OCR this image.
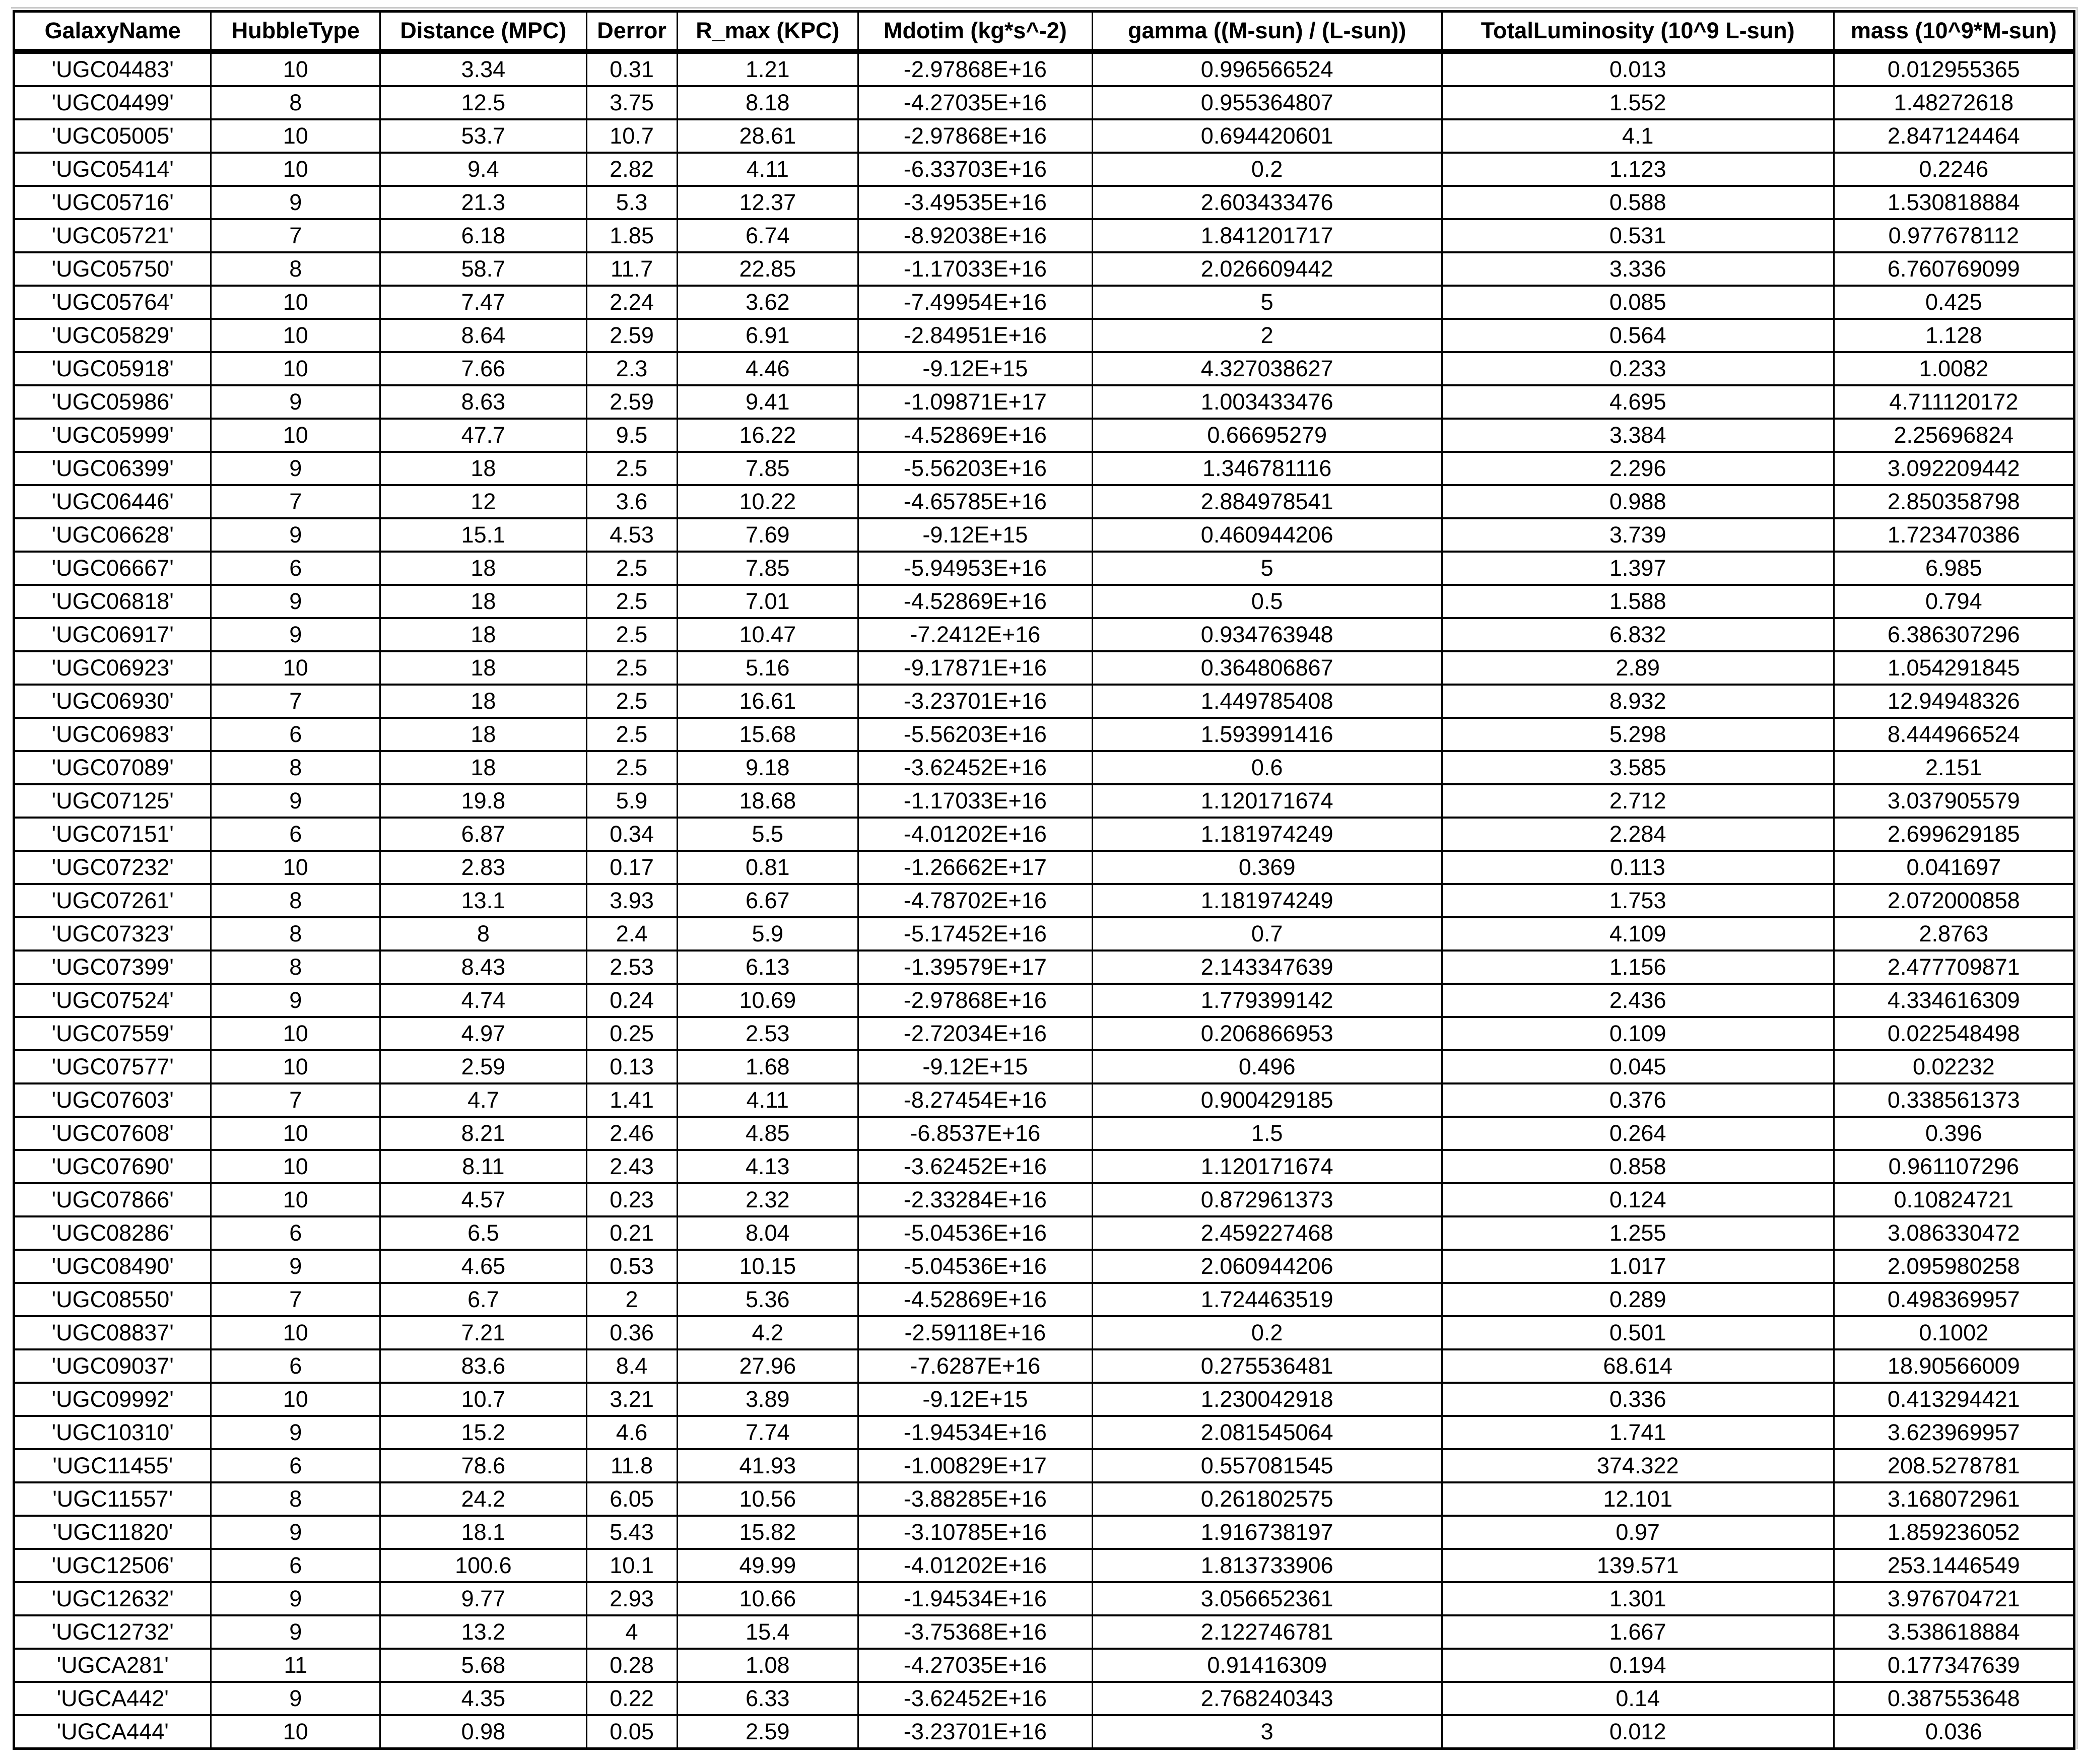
GalaxyName	HubbleType	Distance (MPC)	Derror	R_max (KPC)	Mdotim (kg*s^-2)	gamma ((M-sun) / (L-sun))	TotalLuminosity (10^9 L-sun)	mass (10^9*M-sun)
'UGC04483'	10	3.34	0.31	1.21	-2.97868E+16	0.996566524	0.013	0.012955365
'UGC04499'	8	12.5	3.75	8.18	-4.27035E+16	0.955364807	1.552	1.48272618
'UGC05005'	10	53.7	10.7	28.61	-2.97868E+16	0.694420601	4.1	2.847124464
'UGC05414'	10	9.4	2.82	4.11	-6.33703E+16	0.2	1.123	0.2246
'UGC05716'	9	21.3	5.3	12.37	-3.49535E+16	2.603433476	0.588	1.530818884
'UGC05721'	7	6.18	1.85	6.74	-8.92038E+16	1.841201717	0.531	0.977678112
'UGC05750'	8	58.7	11.7	22.85	-1.17033E+16	2.026609442	3.336	6.760769099
'UGC05764'	10	7.47	2.24	3.62	-7.49954E+16	5	0.085	0.425
'UGC05829'	10	8.64	2.59	6.91	-2.84951E+16	2	0.564	1.128
'UGC05918'	10	7.66	2.3	4.46	-9.12E+15	4.327038627	0.233	1.0082
'UGC05986'	9	8.63	2.59	9.41	-1.09871E+17	1.003433476	4.695	4.711120172
'UGC05999'	10	47.7	9.5	16.22	-4.52869E+16	0.66695279	3.384	2.25696824
'UGC06399'	9	18	2.5	7.85	-5.56203E+16	1.346781116	2.296	3.092209442
'UGC06446'	7	12	3.6	10.22	-4.65785E+16	2.884978541	0.988	2.850358798
'UGC06628'	9	15.1	4.53	7.69	-9.12E+15	0.460944206	3.739	1.723470386
'UGC06667'	6	18	2.5	7.85	-5.94953E+16	5	1.397	6.985
'UGC06818'	9	18	2.5	7.01	-4.52869E+16	0.5	1.588	0.794
'UGC06917'	9	18	2.5	10.47	-7.2412E+16	0.934763948	6.832	6.386307296
'UGC06923'	10	18	2.5	5.16	-9.17871E+16	0.364806867	2.89	1.054291845
'UGC06930'	7	18	2.5	16.61	-3.23701E+16	1.449785408	8.932	12.94948326
'UGC06983'	6	18	2.5	15.68	-5.56203E+16	1.593991416	5.298	8.444966524
'UGC07089'	8	18	2.5	9.18	-3.62452E+16	0.6	3.585	2.151
'UGC07125'	9	19.8	5.9	18.68	-1.17033E+16	1.120171674	2.712	3.037905579
'UGC07151'	6	6.87	0.34	5.5	-4.01202E+16	1.181974249	2.284	2.699629185
'UGC07232'	10	2.83	0.17	0.81	-1.26662E+17	0.369	0.113	0.041697
'UGC07261'	8	13.1	3.93	6.67	-4.78702E+16	1.181974249	1.753	2.072000858
'UGC07323'	8	8	2.4	5.9	-5.17452E+16	0.7	4.109	2.8763
'UGC07399'	8	8.43	2.53	6.13	-1.39579E+17	2.143347639	1.156	2.477709871
'UGC07524'	9	4.74	0.24	10.69	-2.97868E+16	1.779399142	2.436	4.334616309
'UGC07559'	10	4.97	0.25	2.53	-2.72034E+16	0.206866953	0.109	0.022548498
'UGC07577'	10	2.59	0.13	1.68	-9.12E+15	0.496	0.045	0.02232
'UGC07603'	7	4.7	1.41	4.11	-8.27454E+16	0.900429185	0.376	0.338561373
'UGC07608'	10	8.21	2.46	4.85	-6.8537E+16	1.5	0.264	0.396
'UGC07690'	10	8.11	2.43	4.13	-3.62452E+16	1.120171674	0.858	0.961107296
'UGC07866'	10	4.57	0.23	2.32	-2.33284E+16	0.872961373	0.124	0.10824721
'UGC08286'	6	6.5	0.21	8.04	-5.04536E+16	2.459227468	1.255	3.086330472
'UGC08490'	9	4.65	0.53	10.15	-5.04536E+16	2.060944206	1.017	2.095980258
'UGC08550'	7	6.7	2	5.36	-4.52869E+16	1.724463519	0.289	0.498369957
'UGC08837'	10	7.21	0.36	4.2	-2.59118E+16	0.2	0.501	0.1002
'UGC09037'	6	83.6	8.4	27.96	-7.6287E+16	0.275536481	68.614	18.90566009
'UGC09992'	10	10.7	3.21	3.89	-9.12E+15	1.230042918	0.336	0.413294421
'UGC10310'	9	15.2	4.6	7.74	-1.94534E+16	2.081545064	1.741	3.623969957
'UGC11455'	6	78.6	11.8	41.93	-1.00829E+17	0.557081545	374.322	208.5278781
'UGC11557'	8	24.2	6.05	10.56	-3.88285E+16	0.261802575	12.101	3.168072961
'UGC11820'	9	18.1	5.43	15.82	-3.10785E+16	1.916738197	0.97	1.859236052
'UGC12506'	6	100.6	10.1	49.99	-4.01202E+16	1.813733906	139.571	253.1446549
'UGC12632'	9	9.77	2.93	10.66	-1.94534E+16	3.056652361	1.301	3.976704721
'UGC12732'	9	13.2	4	15.4	-3.75368E+16	2.122746781	1.667	3.538618884
'UGCA281'	11	5.68	0.28	1.08	-4.27035E+16	0.91416309	0.194	0.177347639
'UGCA442'	9	4.35	0.22	6.33	-3.62452E+16	2.768240343	0.14	0.387553648
'UGCA444'	10	0.98	0.05	2.59	-3.23701E+16	3	0.012	0.036
